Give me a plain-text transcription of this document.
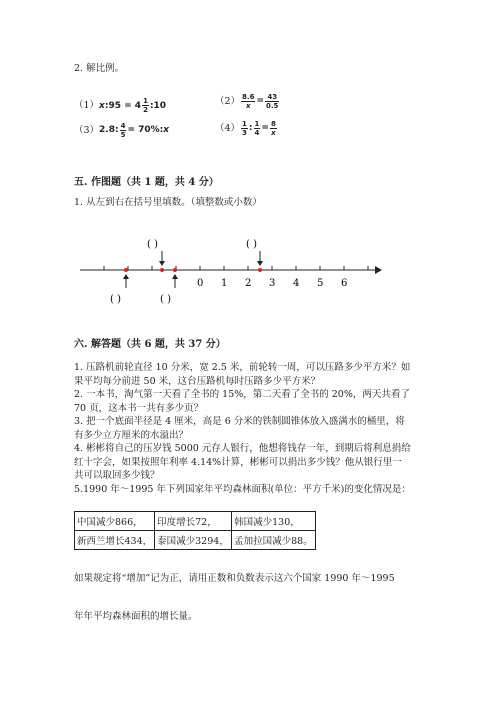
2. 解比例。
（1）x:95 = $4 \frac{1}{2}$ :10	$(2) \frac{8.6}{x} = \frac{43}{0.5}$
（3）2.8: $\frac{4}{5}$ = 70%:x	$(4) \frac{1}{3}$ : $\frac{1}{4} = \frac{8}{x}$
五. 作图题（共 1 题，共 4 分）
1. 从左到右在括号里填数。（填整数或小数）
0 1 2 3 4 5 6
( )	( )
( )	( )
六. 解答题（共 6 题，共 37 分）
1. 压路机前轮直径 10 分米，宽 2.5 米，前轮转一周，可以压路多少平方米？如
果平均每分前进 50 米，这台压路机每时压路多少平方米？
2. 一本书，淘气第一天看了全书的 15%，第二天看了全书的 20%，两天共看了
70 页，这本书一共有多少页？
3. 把一个底面半径是 4 厘米，高是 6 分米的铁制圆锥体放入盛满水的桶里，将
有多少立方厘米的水溢出？
4. 彬彬将自己的压岁钱 5000 元存人银行，他想将钱存一年，到期后将利息捐给
红十字会，如果按照年利率 4.14%计算，彬彬可以捐出多少钱？他从银行里一
共可以取回多少钱？
5.1990 年～1995 年下列国家年平均森林面积(单位：平方千米)的变化情况是：
中国减少866，	印度增长72，	韩国减少130，
新西兰增长434，	泰国减少3294，	孟加拉国减少88。
如果规定将“增加”记为正，请用正数和负数表示这六个国家 1990 年～1995
年年平均森林面积的增长量。
